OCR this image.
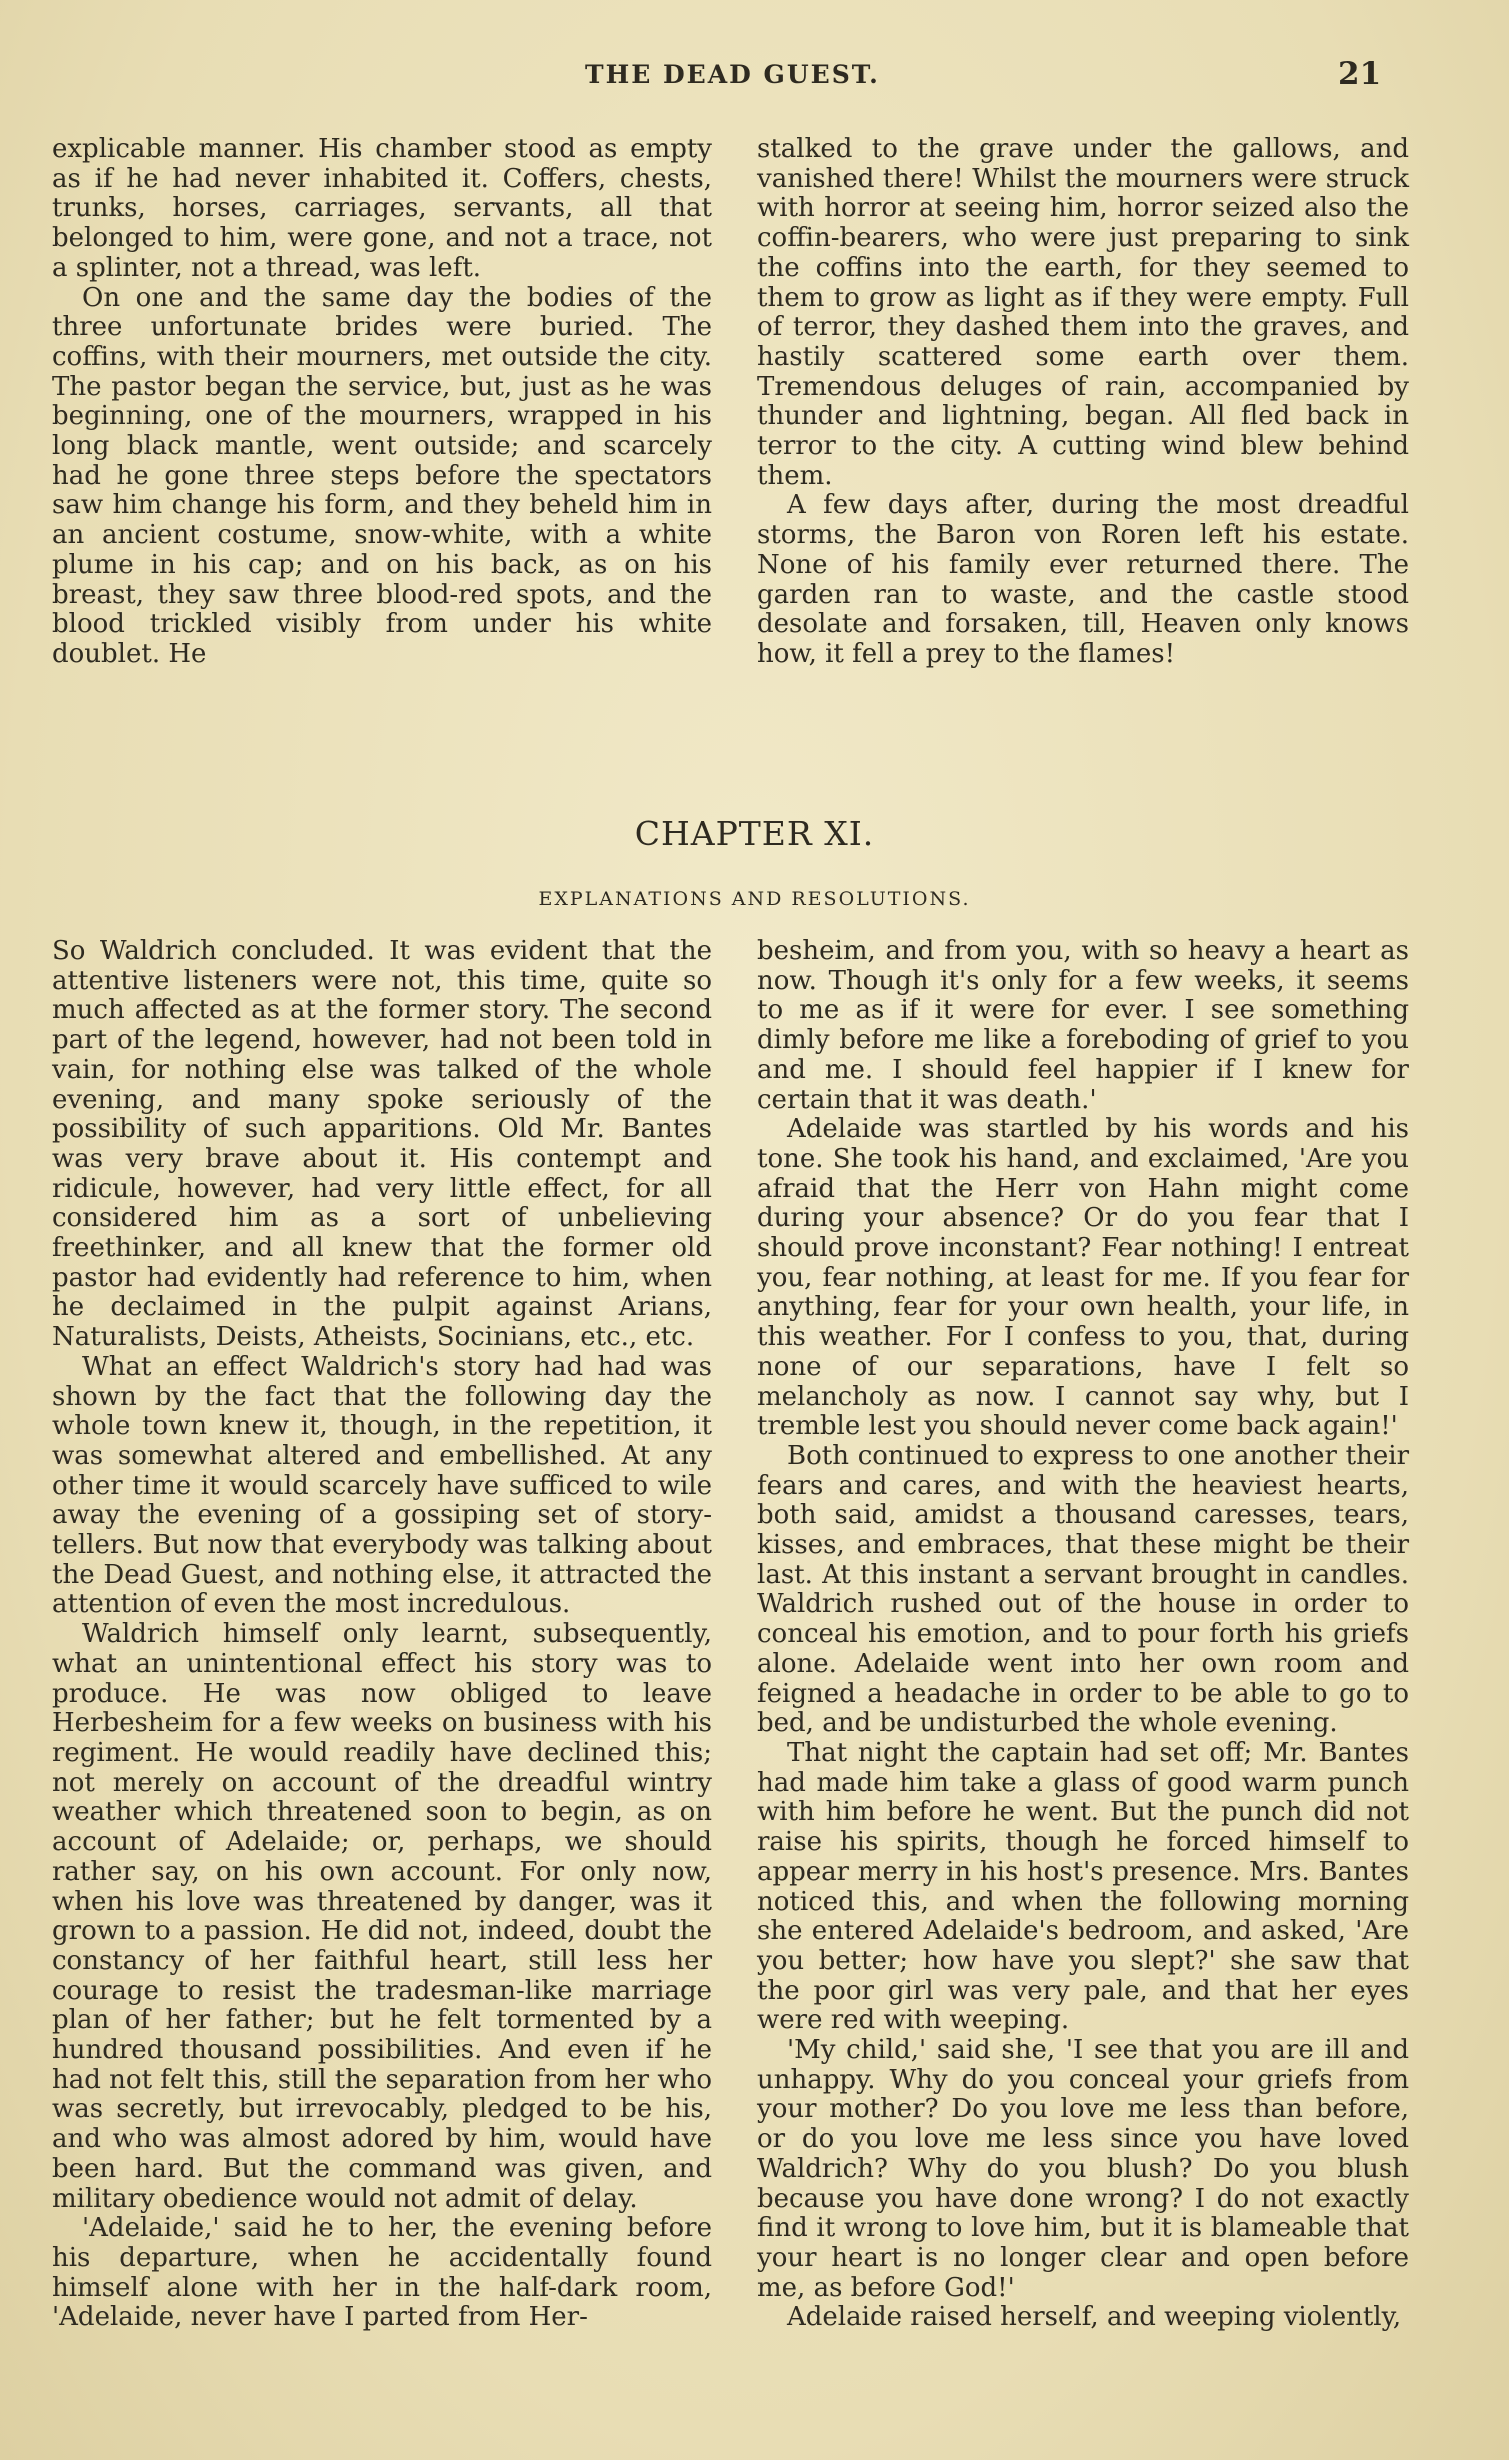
THE DEAD GUEST.	21

explicable manner. His chamber stood as empty as if he had never inhabited it. Coffers, chests, trunks, horses, carriages, servants, all that belonged to him, were gone, and not a trace, not a splinter, not a thread, was left.

On one and the same day the bodies of the three unfortunate brides were buried. The coffins, with their mourners, met outside the city. The pastor began the service, but, just as he was beginning, one of the mourners, wrapped in his long black mantle, went outside; and scarcely had he gone three steps before the spectators saw him change his form, and they beheld him in an ancient costume, snow-white, with a white plume in his cap; and on his back, as on his breast, they saw three blood-red spots, and the blood trickled visibly from under his white doublet. He

stalked to the grave under the gallows, and vanished there! Whilst the mourners were struck with horror at seeing him, horror seized also the coffin-bearers, who were just preparing to sink the coffins into the earth, for they seemed to them to grow as light as if they were empty. Full of terror, they dashed them into the graves, and hastily scattered some earth over them. Tremendous deluges of rain, accompanied by thunder and lightning, began. All fled back in terror to the city. A cutting wind blew behind them.

A few days after, during the most dreadful storms, the Baron von Roren left his estate. None of his family ever returned there. The garden ran to waste, and the castle stood desolate and forsaken, till, Heaven only knows how, it fell a prey to the flames!

CHAPTER XI.
EXPLANATIONS AND RESOLUTIONS.

So Waldrich concluded. It was evident that the attentive listeners were not, this time, quite so much affected as at the former story. The second part of the legend, however, had not been told in vain, for nothing else was talked of the whole evening, and many spoke seriously of the possibility of such apparitions. Old Mr. Bantes was very brave about it. His contempt and ridicule, however, had very little effect, for all considered him as a sort of unbelieving freethinker, and all knew that the former old pastor had evidently had reference to him, when he declaimed in the pulpit against Arians, Naturalists, Deists, Atheists, Socinians, etc., etc.

What an effect Waldrich's story had had was shown by the fact that the following day the whole town knew it, though, in the repetition, it was somewhat altered and embellished. At any other time it would scarcely have sufficed to wile away the evening of a gossiping set of story-tellers. But now that everybody was talking about the Dead Guest, and nothing else, it attracted the attention of even the most incredulous.

Waldrich himself only learnt, subsequently, what an unintentional effect his story was to produce. He was now obliged to leave Herbesheim for a few weeks on business with his regiment. He would readily have declined this; not merely on account of the dreadful wintry weather which threatened soon to begin, as on account of Adelaide; or, perhaps, we should rather say, on his own account. For only now, when his love was threatened by danger, was it grown to a passion. He did not, indeed, doubt the constancy of her faithful heart, still less her courage to resist the tradesman-like marriage plan of her father; but he felt tormented by a hundred thousand possibilities. And even if he had not felt this, still the separation from her who was secretly, but irrevocably, pledged to be his, and who was almost adored by him, would have been hard. But the command was given, and military obedience would not admit of delay.

'Adelaide,' said he to her, the evening before his departure, when he accidentally found himself alone with her in the half-dark room, 'Adelaide, never have I parted from Her-

besheim, and from you, with so heavy a heart as now. Though it's only for a few weeks, it seems to me as if it were for ever. I see something dimly before me like a foreboding of grief to you and me. I should feel happier if I knew for certain that it was death.'

Adelaide was startled by his words and his tone. She took his hand, and exclaimed, 'Are you afraid that the Herr von Hahn might come during your absence? Or do you fear that I should prove inconstant? Fear nothing! I entreat you, fear nothing, at least for me. If you fear for anything, fear for your own health, your life, in this weather. For I confess to you, that, during none of our separations, have I felt so melancholy as now. I cannot say why, but I tremble lest you should never come back again!'

Both continued to express to one another their fears and cares, and with the heaviest hearts, both said, amidst a thousand caresses, tears, kisses, and embraces, that these might be their last. At this instant a servant brought in candles. Waldrich rushed out of the house in order to conceal his emotion, and to pour forth his griefs alone. Adelaide went into her own room and feigned a headache in order to be able to go to bed, and be undisturbed the whole evening.

That night the captain had set off; Mr. Bantes had made him take a glass of good warm punch with him before he went. But the punch did not raise his spirits, though he forced himself to appear merry in his host's presence. Mrs. Bantes noticed this, and when the following morning she entered Adelaide's bedroom, and asked, 'Are you better; how have you slept?' she saw that the poor girl was very pale, and that her eyes were red with weeping.

'My child,' said she, 'I see that you are ill and unhappy. Why do you conceal your griefs from your mother? Do you love me less than before, or do you love me less since you have loved Waldrich? Why do you blush? Do you blush because you have done wrong? I do not exactly find it wrong to love him, but it is blameable that your heart is no longer clear and open before me, as before God!'

Adelaide raised herself, and weeping violently,
